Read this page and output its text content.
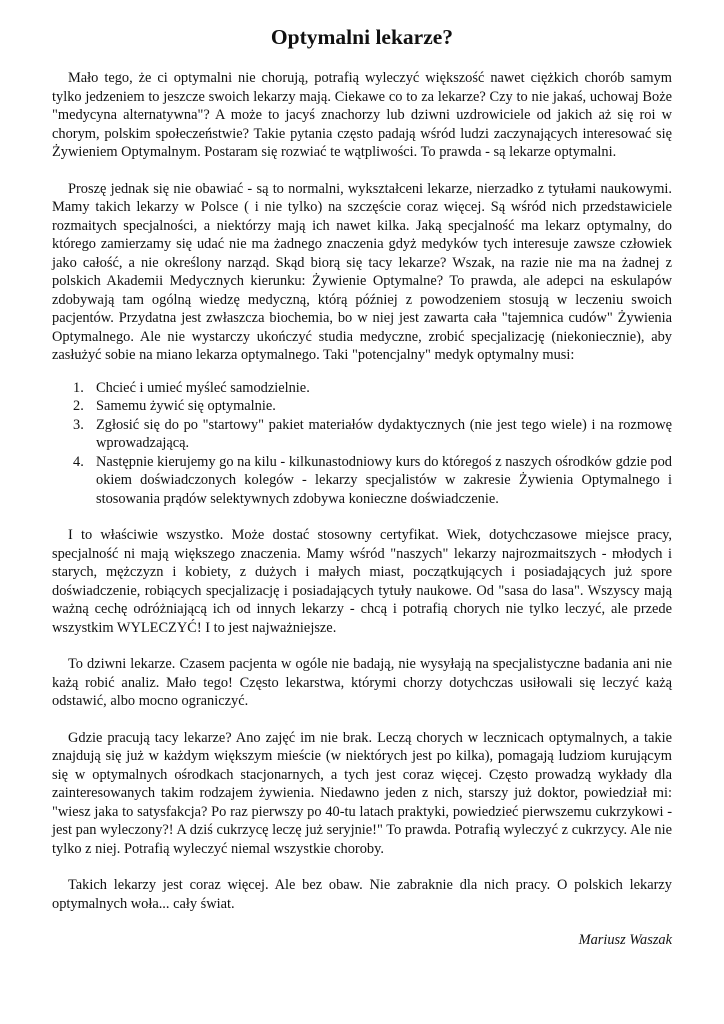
Optymalni lekarze?

Mało tego, że ci optymalni nie chorują, potrafią wyleczyć większość nawet ciężkich chorób samym tylko jedzeniem to jeszcze swoich lekarzy mają. Ciekawe co to za lekarze? Czy to nie jakaś, uchowaj Boże "medycyna alternatywna"? A może to jacyś znachorzy lub dziwni uzdrowiciele od jakich aż się roi w chorym, polskim społeczeństwie? Takie pytania często padają wśród ludzi zaczynających interesować się Żywieniem Optymalnym. Postaram się rozwiać te wątpliwości. To prawda - są lekarze optymalni.

Proszę jednak się nie obawiać - są to normalni, wykształceni lekarze, nierzadko z tytułami naukowymi. Mamy takich lekarzy w Polsce ( i nie tylko) na szczęście coraz więcej. Są wśród nich przedstawiciele rozmaitych specjalności, a niektórzy mają ich nawet kilka. Jaką specjalność ma lekarz optymalny, do którego zamierzamy się udać nie ma żadnego znaczenia gdyż medyków tych interesuje zawsze człowiek jako całość, a nie określony narząd. Skąd biorą się tacy lekarze? Wszak, na razie nie ma na żadnej z polskich Akademii Medycznych kierunku: Żywienie Optymalne? To prawda, ale adepci na eskulapów zdobywają tam ogólną wiedzę medyczną, którą później z powodzeniem stosują w leczeniu swoich pacjentów. Przydatna jest zwłaszcza biochemia, bo w niej jest zawarta cała "tajemnica cudów" Żywienia Optymalnego. Ale nie wystarczy ukończyć studia medyczne, zrobić specjalizację (niekoniecznie), aby zasłużyć sobie na miano lekarza optymalnego. Taki "potencjalny" medyk optymalny musi:

1. Chcieć i umieć myśleć samodzielnie.
2. Samemu żywić się optymalnie.
3. Zgłosić się do po "startowy" pakiet materiałów dydaktycznych (nie jest tego wiele) i na rozmowę wprowadzającą.
4. Następnie kierujemy go na kilu - kilkunastodniowy kurs do któregoś z naszych ośrodków gdzie pod okiem doświadczonych kolegów - lekarzy specjalistów w zakresie Żywienia Optymalnego i stosowania prądów selektywnych zdobywa konieczne doświadczenie.

I to właściwie wszystko. Może dostać stosowny certyfikat. Wiek, dotychczasowe miejsce pracy, specjalność ni mają większego znaczenia. Mamy wśród "naszych" lekarzy najrozmaitszych - młodych i starych, mężczyzn i kobiety, z dużych i małych miast, początkujących i posiadających już spore doświadczenie, robiących specjalizację i posiadających tytuły naukowe. Od "sasa do lasa". Wszyscy mają ważną cechę odróżniającą ich od innych lekarzy - chcą i potrafią chorych nie tylko leczyć, ale przede wszystkim WYLECZYĆ! I to jest najważniejsze.

To dziwni lekarze. Czasem pacjenta w ogóle nie badają, nie wysyłają na specjalistyczne badania ani nie każą robić analiz. Mało tego! Często lekarstwa, którymi chorzy dotychczas usiłowali się leczyć każą odstawić, albo mocno ograniczyć.

Gdzie pracują tacy lekarze? Ano zajęć im nie brak. Leczą chorych w lecznicach optymalnych, a takie znajdują się już w każdym większym mieście (w niektórych jest po kilka), pomagają ludziom kurującym się w optymalnych ośrodkach stacjonarnych, a tych jest coraz więcej. Często prowadzą wykłady dla zainteresowanych takim rodzajem żywienia. Niedawno jeden z nich, starszy już doktor, powiedział mi: "wiesz jaka to satysfakcja? Po raz pierwszy po 40-tu latach praktyki, powiedzieć pierwszemu cukrzykowi - jest pan wyleczony?! A dziś cukrzycę leczę już seryjnie!" To prawda. Potrafią wyleczyć z cukrzycy. Ale nie tylko z niej. Potrafią wyleczyć niemal wszystkie choroby.

Takich lekarzy jest coraz więcej. Ale bez obaw. Nie zabraknie dla nich pracy. O polskich lekarzy optymalnych woła... cały świat.

Mariusz Waszak
